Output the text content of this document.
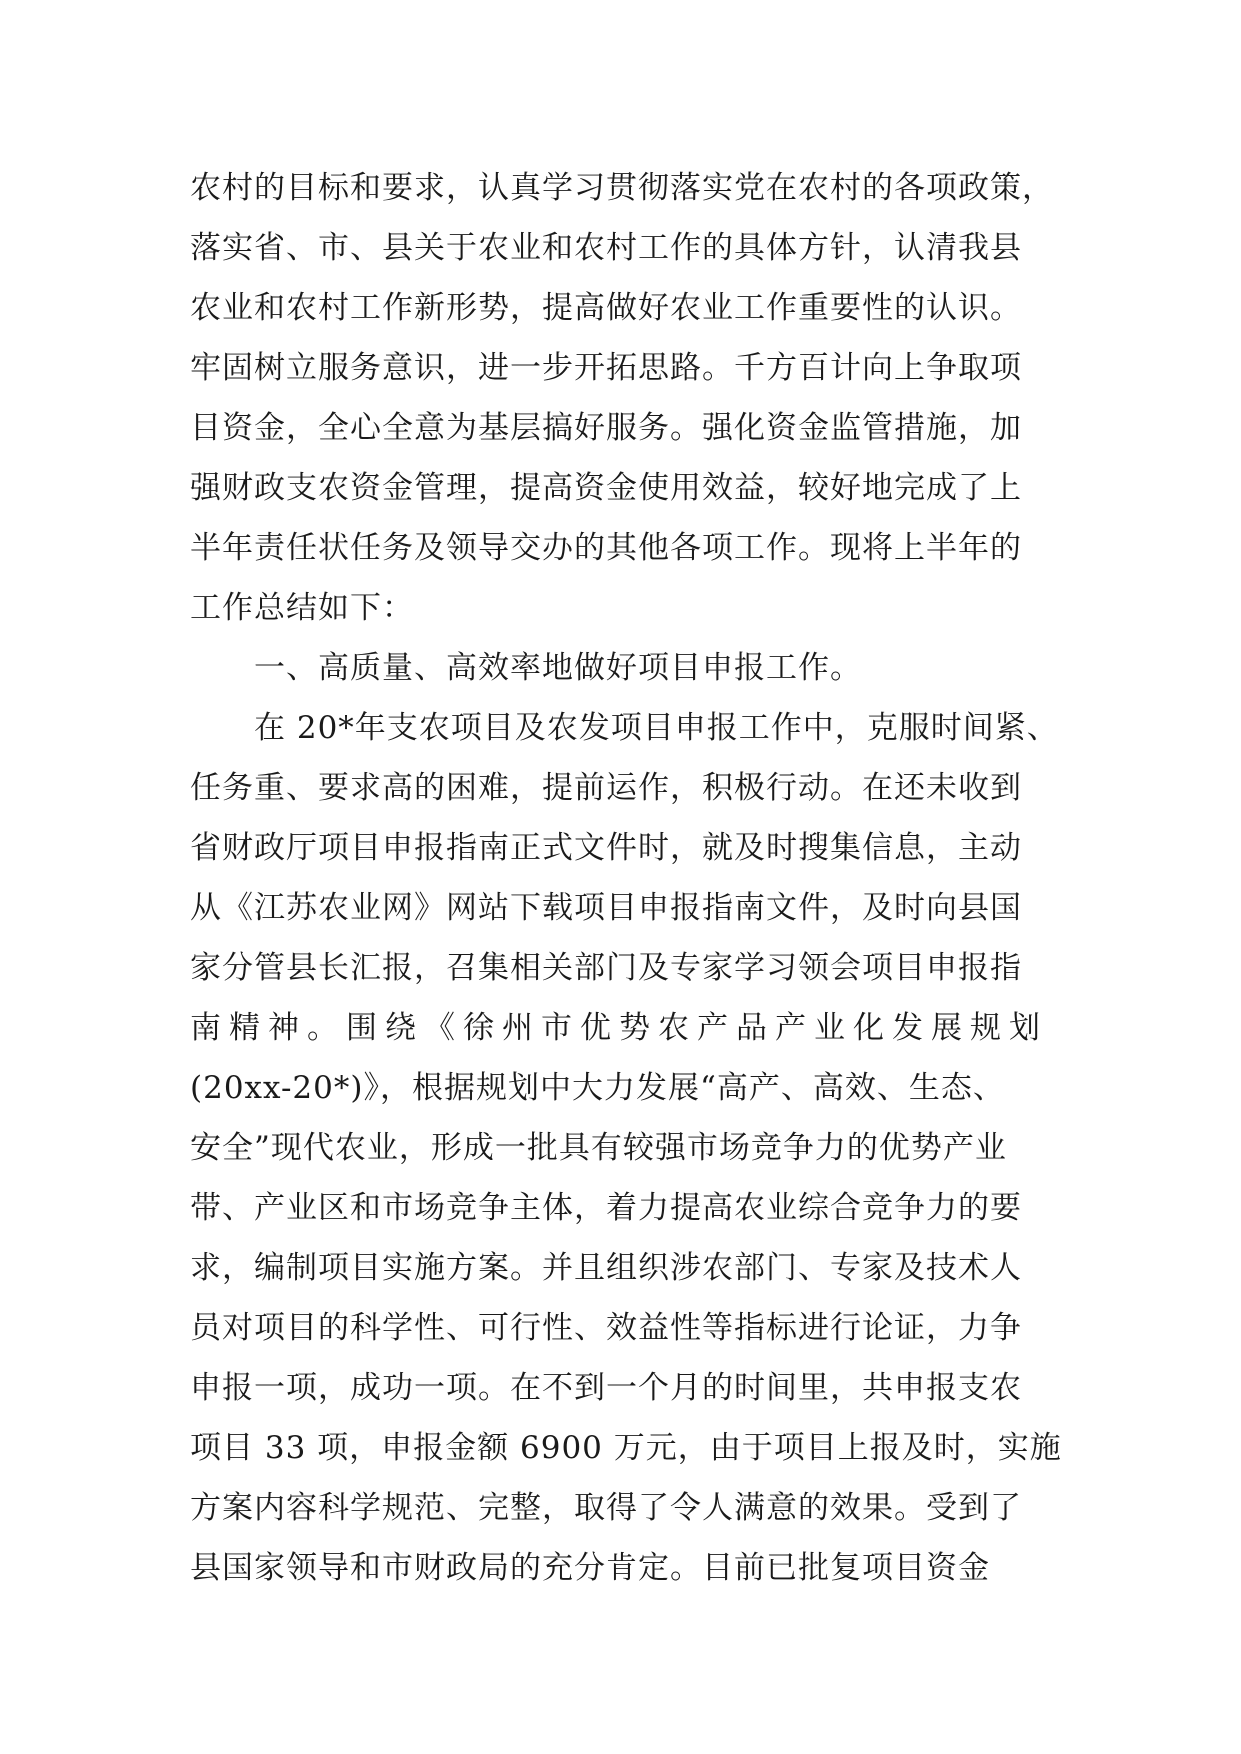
农村的目标和要求，认真学习贯彻落实党在农村的各项政策，
落实省、市、县关于农业和农村工作的具体方针，认清我县
农业和农村工作新形势，提高做好农业工作重要性的认识。
牢固树立服务意识，进一步开拓思路。千方百计向上争取项
目资金，全心全意为基层搞好服务。强化资金监管措施，加
强财政支农资金管理，提高资金使用效益，较好地完成了上
半年责任状任务及领导交办的其他各项工作。现将上半年的
工作总结如下：
一、高质量、高效率地做好项目申报工作。
在 20*年支农项目及农发项目申报工作中，克服时间紧、
任务重、要求高的困难，提前运作，积极行动。在还未收到
省财政厅项目申报指南正式文件时，就及时搜集信息，主动
从《江苏农业网》网站下载项目申报指南文件，及时向县国
家分管县长汇报，召集相关部门及专家学习领会项目申报指
南精神。围绕《徐州市优势农产品产业化发展规划
(20xx-20*)》，根据规划中大力发展“高产、高效、生态、
安全”现代农业，形成一批具有较强市场竞争力的优势产业
带、产业区和市场竞争主体，着力提高农业综合竞争力的要
求，编制项目实施方案。并且组织涉农部门、专家及技术人
员对项目的科学性、可行性、效益性等指标进行论证，力争
申报一项，成功一项。在不到一个月的时间里，共申报支农
项目 33 项，申报金额 6900 万元，由于项目上报及时，实施
方案内容科学规范、完整，取得了令人满意的效果。受到了
县国家领导和市财政局的充分肯定。目前已批复项目资金
